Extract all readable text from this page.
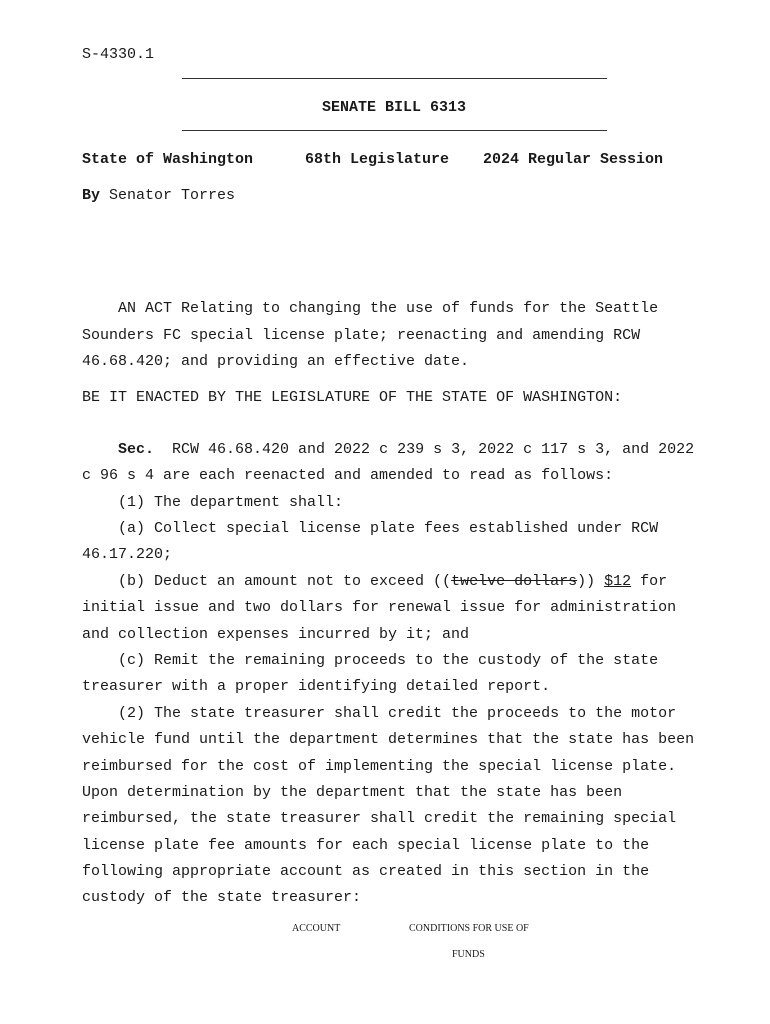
S-4330.1
SENATE BILL 6313
State of Washington	68th Legislature 2024 Regular Session
By Senator Torres
AN ACT Relating to changing the use of funds for the Seattle
Sounders FC special license plate; reenacting and amending RCW
46.68.420; and providing an effective date.
BE IT ENACTED BY THE LEGISLATURE OF THE STATE OF WASHINGTON:
Sec. RCW 46.68.420 and 2022 c 239 s 3, 2022 c 117 s 3, and 2022
c 96 s 4 are each reenacted and amended to read as follows:
(1) The department shall:
(a) Collect special license plate fees established under RCW
46.17.220;
(b) Deduct an amount not to exceed ((twelve dollars)) $12 for
initial issue and two dollars for renewal issue for administration
and collection expenses incurred by it; and
(c) Remit the remaining proceeds to the custody of the state
treasurer with a proper identifying detailed report.
(2) The state treasurer shall credit the proceeds to the motor
vehicle fund until the department determines that the state has been
reimbursed for the cost of implementing the special license plate.
Upon determination by the department that the state has been
reimbursed, the state treasurer shall credit the remaining special
license plate fee amounts for each special license plate to the
following appropriate account as created in this section in the
custody of the state treasurer:
ACCOUNT	CONDITIONS FOR USE OF
FUNDS
